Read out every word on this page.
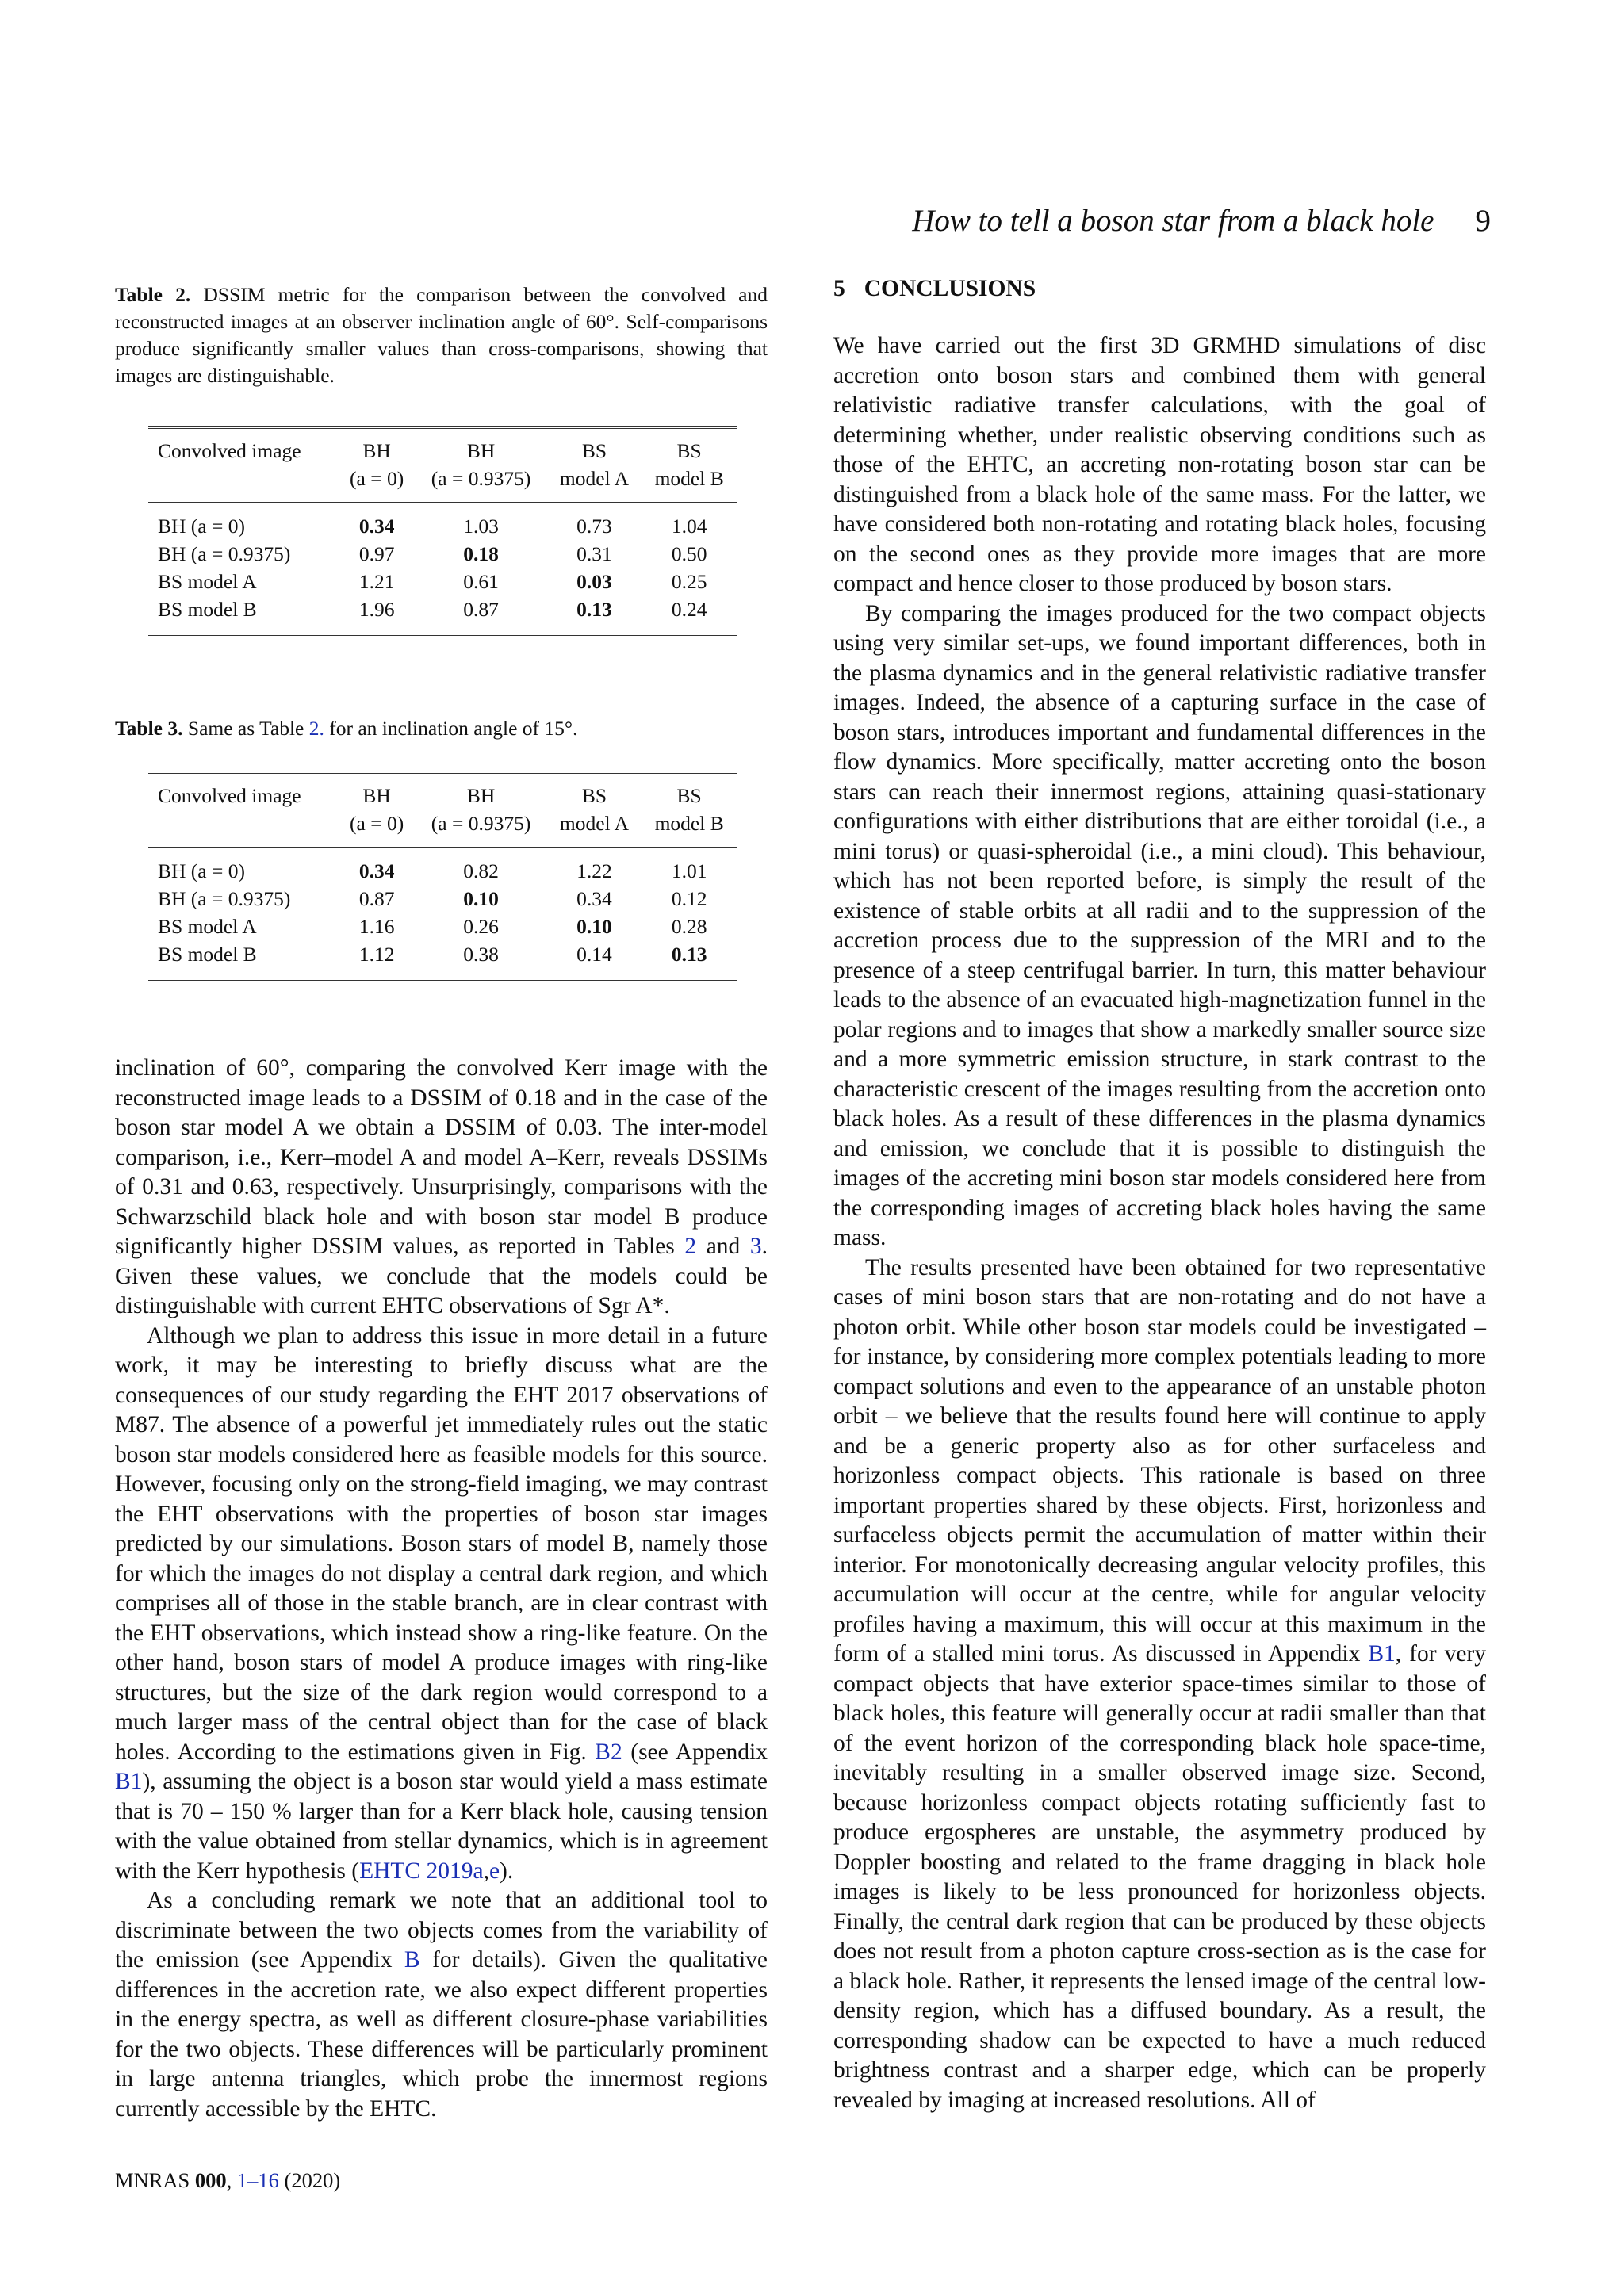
How to tell a boson star from a black hole 9

Table 2. DSSIM metric for the comparison between the convolved and reconstructed images at an observer inclination angle of 60°. Self-comparisons produce significantly smaller values than cross-comparisons, showing that images are distinguishable.

Convolved image	BH	BH	BS	BS
	(a = 0)	(a = 0.9375)	model A	model B
BH (a = 0)	0.34	1.03	0.73	1.04
BH (a = 0.9375)	0.97	0.18	0.31	0.50
BS model A	1.21	0.61	0.03	0.25
BS model B	1.96	0.87	0.13	0.24

Table 3. Same as Table 2. for an inclination angle of 15°.

Convolved image	BH	BH	BS	BS
	(a = 0)	(a = 0.9375)	model A	model B
BH (a = 0)	0.34	0.82	1.22	1.01
BH (a = 0.9375)	0.87	0.10	0.34	0.12
BS model A	1.16	0.26	0.10	0.28
BS model B	1.12	0.38	0.14	0.13

inclination of 60°, comparing the convolved Kerr image with the reconstructed image leads to a DSSIM of 0.18 and in the case of the boson star model A we obtain a DSSIM of 0.03. The inter-model comparison, i.e., Kerr–model A and model A–Kerr, reveals DSSIMs of 0.31 and 0.63, respectively. Unsurprisingly, comparisons with the Schwarzschild black hole and with boson star model B produce significantly higher DSSIM values, as reported in Tables 2 and 3. Given these values, we conclude that the models could be distinguishable with current EHTC observations of Sgr A*.

Although we plan to address this issue in more detail in a future work, it may be interesting to briefly discuss what are the consequences of our study regarding the EHT 2017 observations of M87. The absence of a powerful jet immediately rules out the static boson star models considered here as feasible models for this source. However, focusing only on the strong-field imaging, we may contrast the EHT observations with the properties of boson star images predicted by our simulations. Boson stars of model B, namely those for which the images do not display a central dark region, and which comprises all of those in the stable branch, are in clear contrast with the EHT observations, which instead show a ring-like feature. On the other hand, boson stars of model A produce images with ring-like structures, but the size of the dark region would correspond to a much larger mass of the central object than for the case of black holes. According to the estimations given in Fig. B2 (see Appendix B1), assuming the object is a boson star would yield a mass estimate that is 70 – 150 % larger than for a Kerr black hole, causing tension with the value obtained from stellar dynamics, which is in agreement with the Kerr hypothesis (EHTC 2019a,e).

As a concluding remark we note that an additional tool to discriminate between the two objects comes from the variability of the emission (see Appendix B for details). Given the qualitative differences in the accretion rate, we also expect different properties in the energy spectra, as well as different closure-phase variabilities for the two objects. These differences will be particularly prominent in large antenna triangles, which probe the innermost regions currently accessible by the EHTC.

5 CONCLUSIONS

We have carried out the first 3D GRMHD simulations of disc accretion onto boson stars and combined them with general relativistic radiative transfer calculations, with the goal of determining whether, under realistic observing conditions such as those of the EHTC, an accreting non-rotating boson star can be distinguished from a black hole of the same mass. For the latter, we have considered both non-rotating and rotating black holes, focusing on the second ones as they provide more images that are more compact and hence closer to those produced by boson stars.

By comparing the images produced for the two compact objects using very similar set-ups, we found important differences, both in the plasma dynamics and in the general relativistic radiative transfer images. Indeed, the absence of a capturing surface in the case of boson stars, introduces important and fundamental differences in the flow dynamics. More specifically, matter accreting onto the boson stars can reach their innermost regions, attaining quasi-stationary configurations with either distributions that are either toroidal (i.e., a mini torus) or quasi-spheroidal (i.e., a mini cloud). This behaviour, which has not been reported before, is simply the result of the existence of stable orbits at all radii and to the suppression of the accretion process due to the suppression of the MRI and to the presence of a steep centrifugal barrier. In turn, this matter behaviour leads to the absence of an evacuated high-magnetization funnel in the polar regions and to images that show a markedly smaller source size and a more symmetric emission structure, in stark contrast to the characteristic crescent of the images resulting from the accretion onto black holes. As a result of these differences in the plasma dynamics and emission, we conclude that it is possible to distinguish the images of the accreting mini boson star models considered here from the corresponding images of accreting black holes having the same mass.

The results presented have been obtained for two representative cases of mini boson stars that are non-rotating and do not have a photon orbit. While other boson star models could be investigated – for instance, by considering more complex potentials leading to more compact solutions and even to the appearance of an unstable photon orbit – we believe that the results found here will continue to apply and be a generic property also as for other surfaceless and horizonless compact objects. This rationale is based on three important properties shared by these objects. First, horizonless and surfaceless objects permit the accumulation of matter within their interior. For monotonically decreasing angular velocity profiles, this accumulation will occur at the centre, while for angular velocity profiles having a maximum, this will occur at this maximum in the form of a stalled mini torus. As discussed in Appendix B1, for very compact objects that have exterior space-times similar to those of black holes, this feature will generally occur at radii smaller than that of the event horizon of the corresponding black hole space-time, inevitably resulting in a smaller observed image size. Second, because horizonless compact objects rotating sufficiently fast to produce ergospheres are unstable, the asymmetry produced by Doppler boosting and related to the frame dragging in black hole images is likely to be less pronounced for horizonless objects. Finally, the central dark region that can be produced by these objects does not result from a photon capture cross-section as is the case for a black hole. Rather, it represents the lensed image of the central low-density region, which has a diffused boundary. As a result, the corresponding shadow can be expected to have a much reduced brightness contrast and a sharper edge, which can be properly revealed by imaging at increased resolutions. All of

MNRAS 000, 1–16 (2020)
